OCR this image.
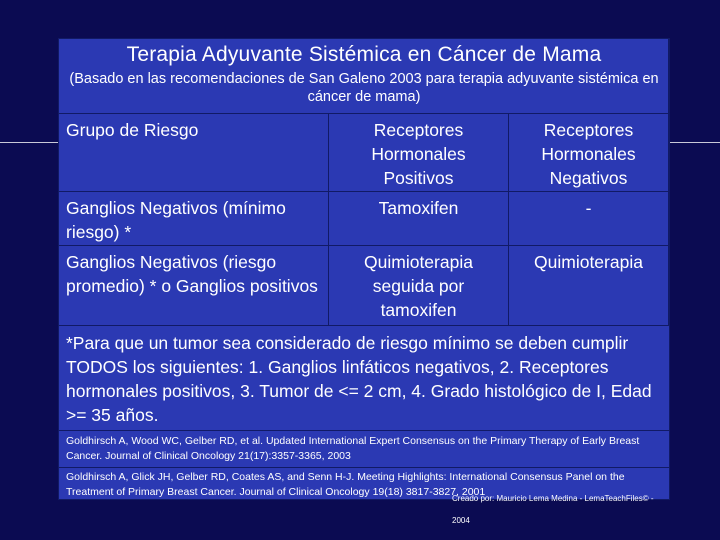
Terapia Adyuvante Sistémica en Cáncer de Mama
(Basado en las recomendaciones de San Galeno 2003 para terapia adyuvante sistémica en cáncer de mama)
Grupo de Riesgo	Receptores Hormonales Positivos
Receptores Hormonales Negativos
Ganglios Negativos (mínimo riesgo) *
Tamoxifen	-
Ganglios Negativos (riesgo promedio) * o Ganglios positivos
Quimioterapia seguida por tamoxifen
Quimioterapia
*Para que un tumor sea considerado de riesgo mínimo se deben cumplir TODOS los siguientes: 1. Ganglios linfáticos negativos, 2. Receptores hormonales positivos, 3. Tumor de <= 2 cm, 4. Grado histológico de I, Edad >= 35 años.
Goldhirsch A, Wood WC, Gelber RD, et al. Updated International Expert Consensus on the Primary Therapy of Early Breast Cancer. Journal of Clinical Oncology 21(17):3357-3365, 2003
Goldhirsch A, Glick JH, Gelber RD, Coates AS, and Senn H-J. Meeting Highlights: International Consensus Panel on the Treatment of Primary Breast Cancer. Journal of Clinical Oncology 19(18) 3817-3827, 2001
Creado por: Mauricio Lema Medina - LemaTeachFiles© -
2004
